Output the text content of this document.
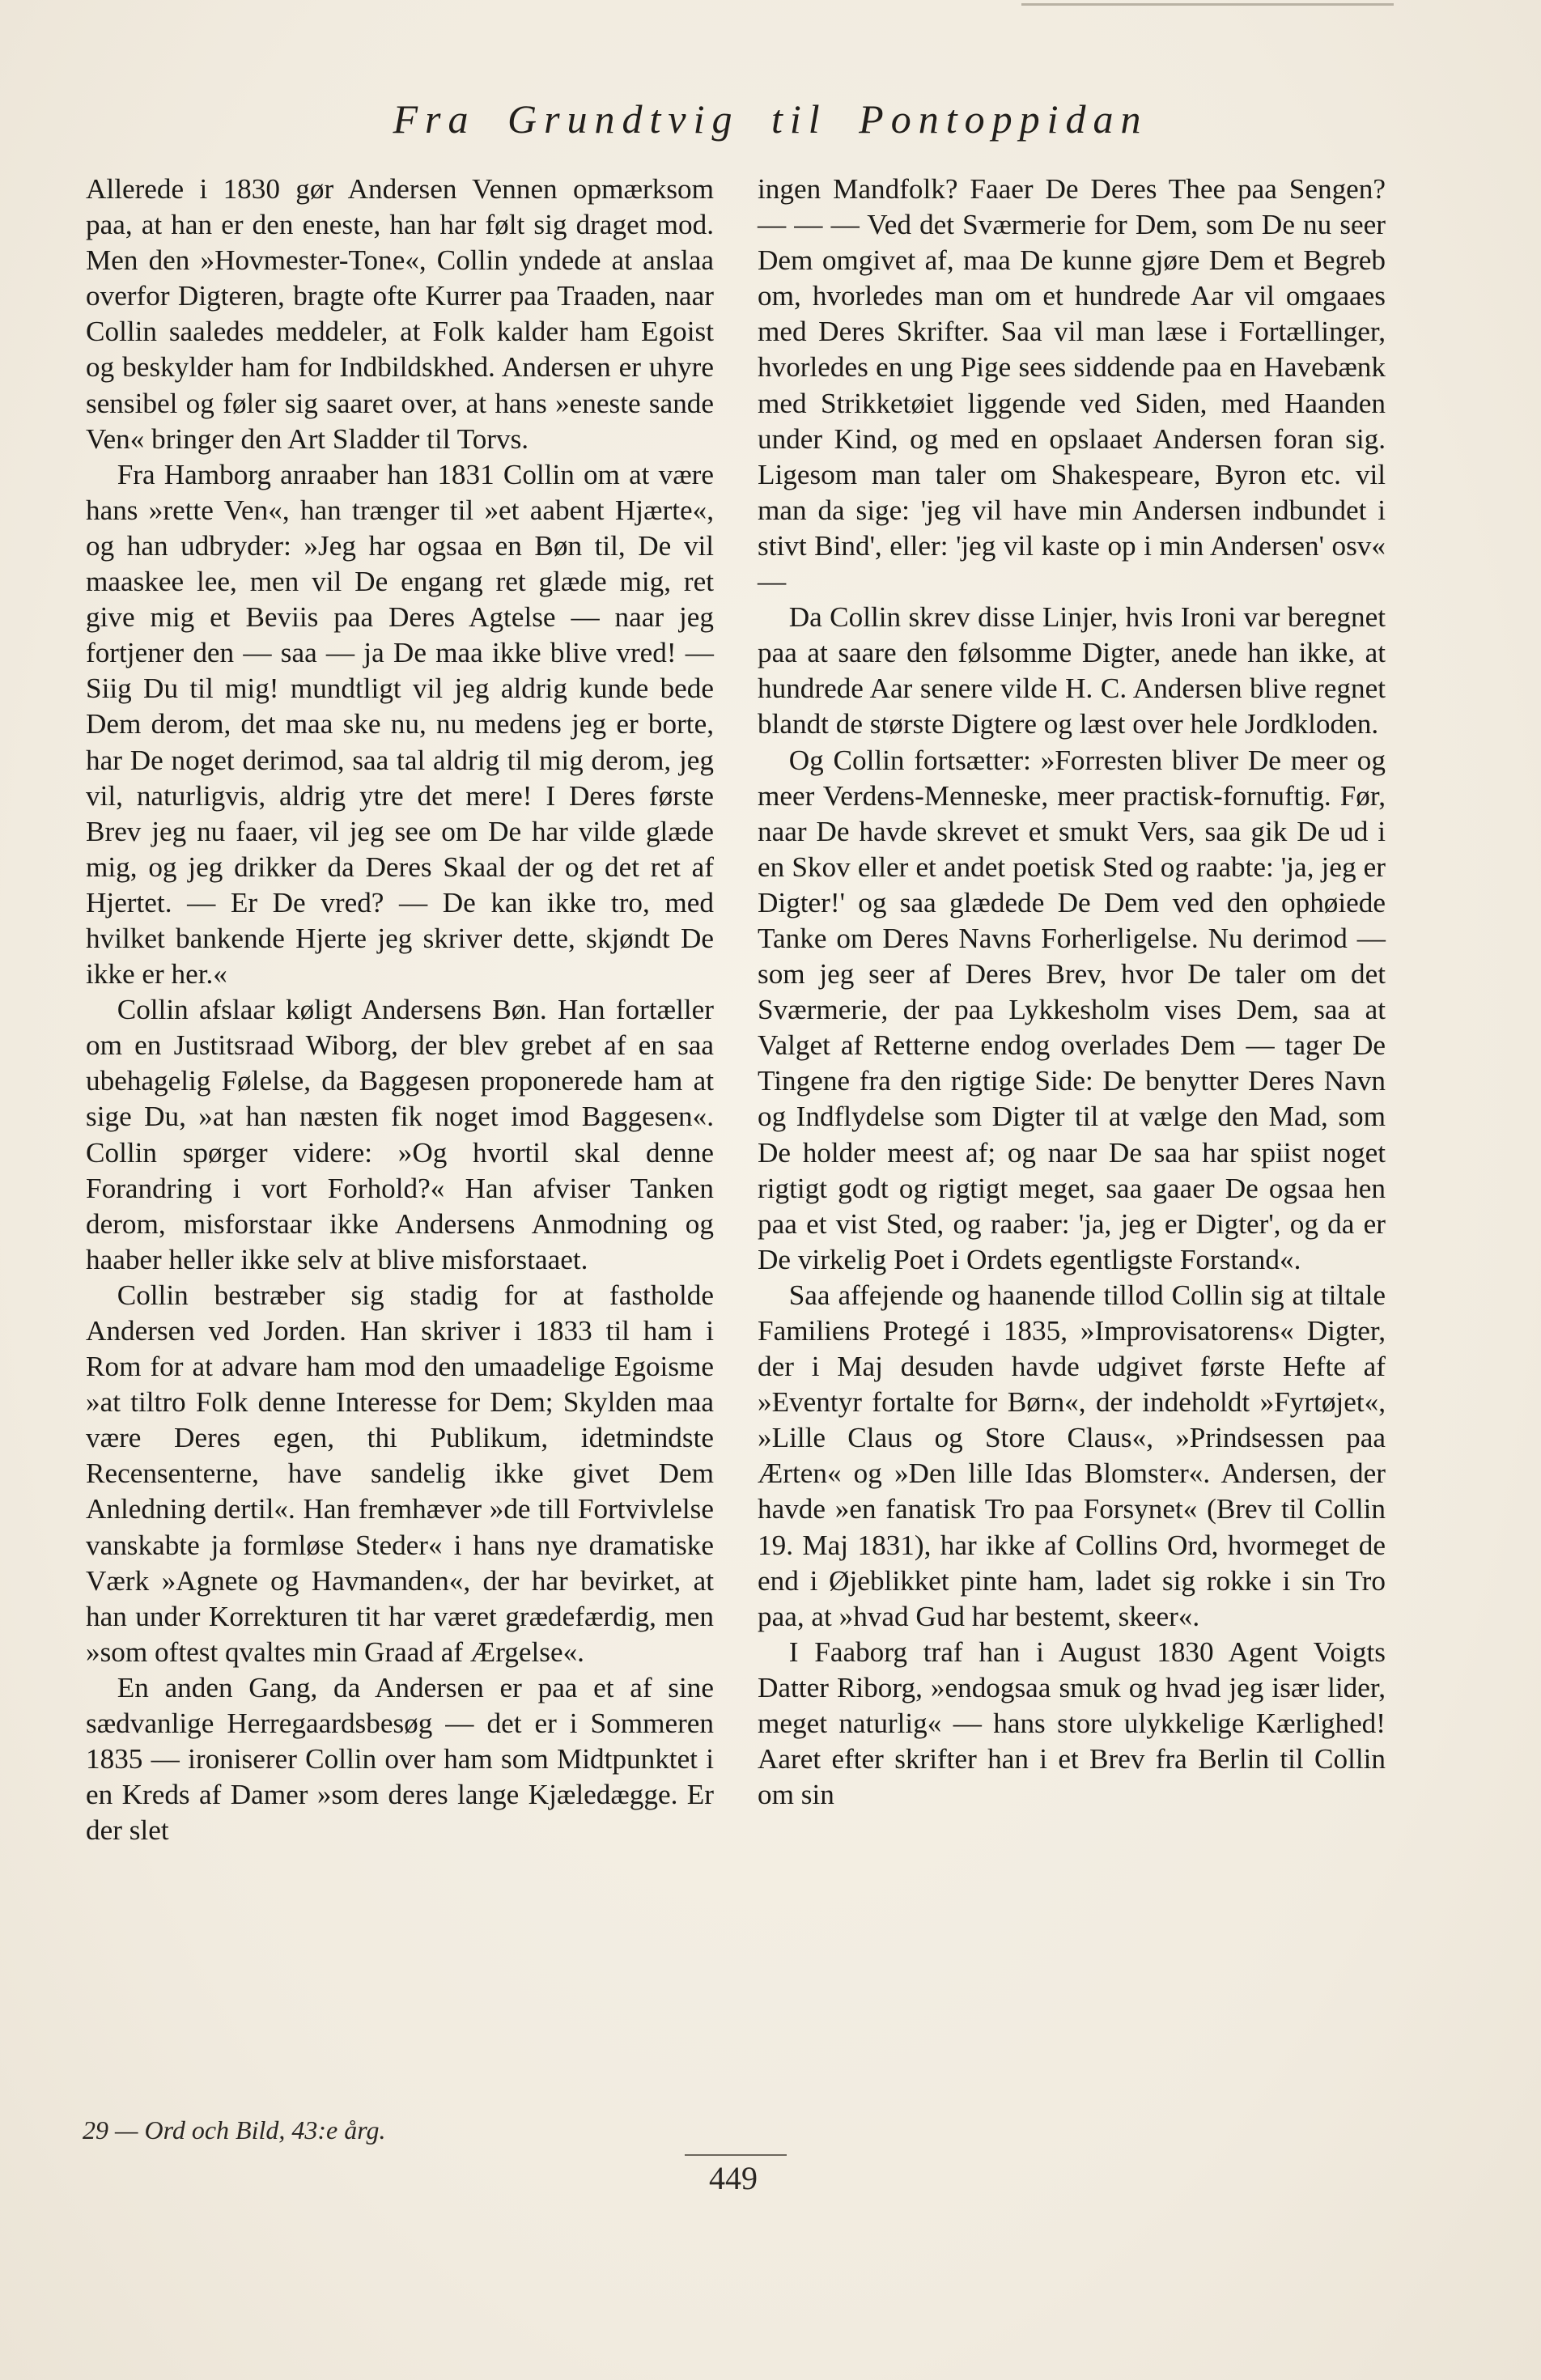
Fra Grundtvig til Pontoppidan

Allerede i 1830 gør Andersen Vennen opmærksom paa, at han er den eneste, han har følt sig draget mod. Men den »Hovmester-Tone«, Collin yndede at anslaa overfor Digteren, bragte ofte Kurrer paa Traaden, naar Collin saaledes meddeler, at Folk kalder ham Egoist og beskylder ham for Indbildskhed. Andersen er uhyre sensibel og føler sig saaret over, at hans »eneste sande Ven« bringer den Art Sladder til Torvs.

Fra Hamborg anraaber han 1831 Collin om at være hans »rette Ven«, han trænger til »et aabent Hjærte«, og han udbryder: »Jeg har ogsaa en Bøn til, De vil maaskee lee, men vil De engang ret glæde mig, ret give mig et Beviis paa Deres Agtelse — naar jeg fortjener den — saa — ja De maa ikke blive vred! — Siig Du til mig! mundtligt vil jeg aldrig kunde bede Dem derom, det maa ske nu, nu medens jeg er borte, har De noget derimod, saa tal aldrig til mig derom, jeg vil, naturligvis, aldrig ytre det mere! I Deres første Brev jeg nu faaer, vil jeg see om De har vilde glæde mig, og jeg drikker da Deres Skaal der og det ret af Hjertet. — Er De vred? — De kan ikke tro, med hvilket bankende Hjerte jeg skriver dette, skjøndt De ikke er her.«

Collin afslaar køligt Andersens Bøn. Han fortæller om en Justitsraad Wiborg, der blev grebet af en saa ubehagelig Følelse, da Baggesen proponerede ham at sige Du, »at han næsten fik noget imod Baggesen«. Collin spørger videre: »Og hvortil skal denne Forandring i vort Forhold?« Han afviser Tanken derom, misforstaar ikke Andersens Anmodning og haaber heller ikke selv at blive misforstaaet.

Collin bestræber sig stadig for at fastholde Andersen ved Jorden. Han skriver i 1833 til ham i Rom for at advare ham mod den umaadelige Egoisme »at tiltro Folk denne Interesse for Dem; Skylden maa være Deres egen, thi Publikum, idetmindste Recensenterne, have sandelig ikke givet Dem Anledning dertil«. Han fremhæver »de till Fortvivlelse vanskabte ja formløse Steder« i hans nye dramatiske Værk »Agnete og Havmanden«, der har bevirket, at han under Korrekturen tit har været grædefærdig, men »som oftest qvaltes min Graad af Ærgelse«.

En anden Gang, da Andersen er paa et af sine sædvanlige Herregaardsbesøg — det er i Sommeren 1835 — ironiserer Collin over ham som Midtpunktet i en Kreds af Damer »som deres lange Kjæledægge. Er der slet

ingen Mandfolk? Faaer De Deres Thee paa Sengen? — — — Ved det Sværmerie for Dem, som De nu seer Dem omgivet af, maa De kunne gjøre Dem et Begreb om, hvorledes man om et hundrede Aar vil omgaaes med Deres Skrifter. Saa vil man læse i Fortællinger, hvorledes en ung Pige sees siddende paa en Havebænk med Strikketøiet liggende ved Siden, med Haanden under Kind, og med en opslaaet Andersen foran sig. Ligesom man taler om Shakespeare, Byron etc. vil man da sige: 'jeg vil have min Andersen indbundet i stivt Bind', eller: 'jeg vil kaste op i min Andersen' osv« —

Da Collin skrev disse Linjer, hvis Ironi var beregnet paa at saare den følsomme Digter, anede han ikke, at hundrede Aar senere vilde H. C. Andersen blive regnet blandt de største Digtere og læst over hele Jordkloden.

Og Collin fortsætter: »Forresten bliver De meer og meer Verdens-Menneske, meer practisk-fornuftig. Før, naar De havde skrevet et smukt Vers, saa gik De ud i en Skov eller et andet poetisk Sted og raabte: 'ja, jeg er Digter!' og saa glædede De Dem ved den ophøiede Tanke om Deres Navns Forherligelse. Nu derimod — som jeg seer af Deres Brev, hvor De taler om det Sværmerie, der paa Lykkesholm vises Dem, saa at Valget af Retterne endog overlades Dem — tager De Tingene fra den rigtige Side: De benytter Deres Navn og Indflydelse som Digter til at vælge den Mad, som De holder meest af; og naar De saa har spiist noget rigtigt godt og rigtigt meget, saa gaaer De ogsaa hen paa et vist Sted, og raaber: 'ja, jeg er Digter', og da er De virkelig Poet i Ordets egentligste Forstand«.

Saa affejende og haanende tillod Collin sig at tiltale Familiens Protegé i 1835, »Improvisatorens« Digter, der i Maj desuden havde udgivet første Hefte af »Eventyr fortalte for Børn«, der indeholdt »Fyrtøjet«, »Lille Claus og Store Claus«, »Prindsessen paa Ærten« og »Den lille Idas Blomster«. Andersen, der havde »en fanatisk Tro paa Forsynet« (Brev til Collin 19. Maj 1831), har ikke af Collins Ord, hvormeget de end i Øjeblikket pinte ham, ladet sig rokke i sin Tro paa, at »hvad Gud har bestemt, skeer«.

I Faaborg traf han i August 1830 Agent Voigts Datter Riborg, »endogsaa smuk og hvad jeg især lider, meget naturlig« — hans store ulykkelige Kærlighed! Aaret efter skrifter han i et Brev fra Berlin til Collin om sin

29 — Ord och Bild, 43:e årg.
449
